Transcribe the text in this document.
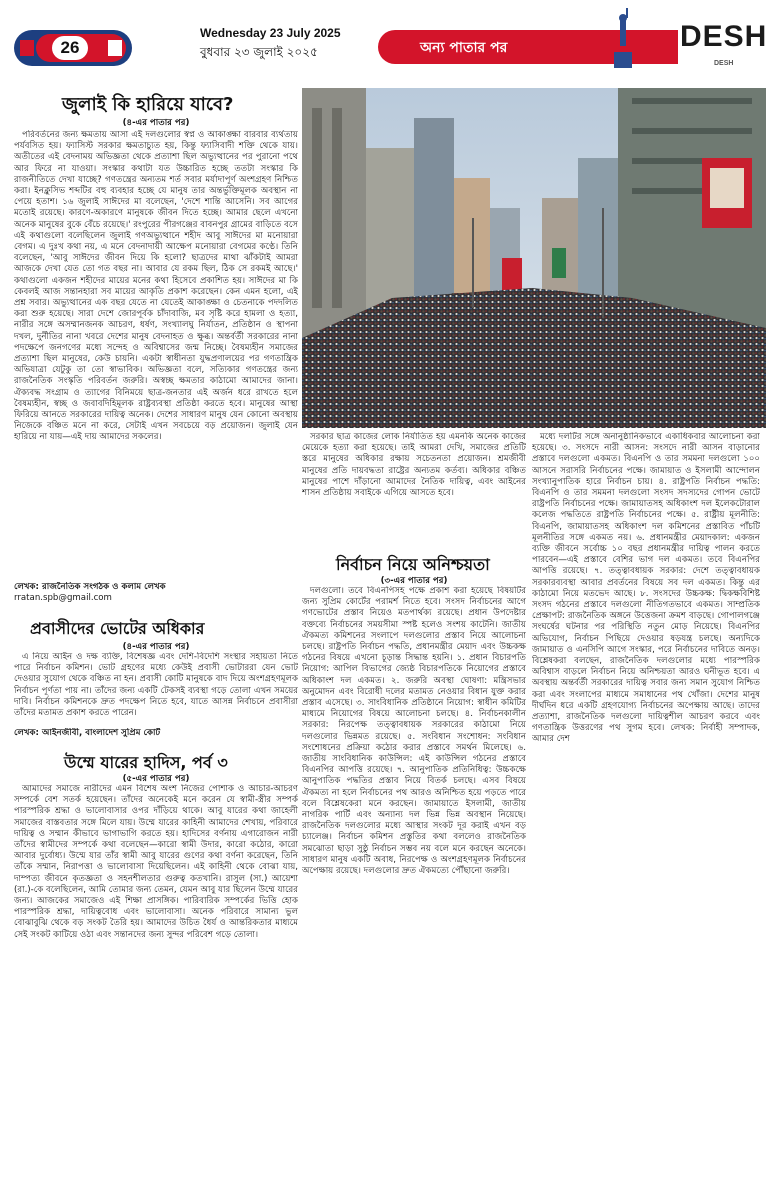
26
Wednesday 23 July 2025
বুধবার ২৩ জুলাই ২০২৫	অন্য পাতার পর	DESH
DESH
জুলাই কি হারিয়ে যাবে?
(৪-এর পাতার পর)

পরিবর্তনের জন্য ক্ষমতায় আসা এই দলগুলোর স্বপ্ন ও আকাঙ্ক্ষা বারবার ব্যর্থতায় পর্যবসিত হয়। ফ্যাসিস্ট সরকার ক্ষমতাচ্যুত হয়, কিন্তু ফ্যাসিবাদী শক্তি থেকে যায়। অতীতের এই বেদনাময় অভিজ্ঞতা থেকে প্রত্যাশা ছিল অভ্যুত্থানের পর পুরানো পথে আর ফিরে না যাওয়া। সংস্কার কথাটা যত উচ্চারিত হচ্ছে ততটা সংস্কার কি রাজনীতিতে দেখা যাচ্ছে? গণতন্ত্রের অন্যতম শর্ত সবার মর্যাদাপূর্ণ অংশগ্রহণ নিশ্চিত করা। ইনক্লুসিভ শব্দটির বহু ব্যবহার হচ্ছে যে মানুষ তার অন্তর্ভুক্তিমূলক অবস্থান না পেয়ে হতাশ। ১৬ জুলাই সাঈদের মা বলেছেন, 'দেশে শান্তি আসেনি। সব আগের মতোই রয়েছে। কারণে-অকারণে মানুষকে জীবন দিতে হচ্ছে। আমার ছেলে এখনো অনেক মানুষের বুকে বেঁচে রয়েছে।' রংপুরের পীরগঞ্জের বাবনপুর গ্রামের বাড়িতে বসে এই কথাগুলো বলেছিলেন জুলাই গণঅভ্যুত্থানে শহীদ আবু সাঈদের মা মনোয়ারা বেগম। এ দুঃখ কথা নয়, এ মনে বেদনাদায়ী আক্ষেপ মনোয়ারা বেগমের কণ্ঠে। তিনি বলেছেন, 'আবু সাঈদের জীবন দিয়ে কি হলো? ছাত্রদের মাথা ঝাঁকটাই আমরা আজকে দেখা যেত তো গত বছর না। আবার যে রকম ছিল, ঠিক সে রকমই আছে।' কথাগুলো একজন শহীদের মায়ের মনের কথা হিসেবে প্রকাশিত হয়। সাঈদের মা কি কেবলই আজ সন্তানহারা সব মায়ের আকৃতি প্রকাশ করেছেন। কেন এমন হলো, এই প্রশ্ন সবার। অভ্যুত্থানের এক বছর যেতে না যেতেই আকাঙ্ক্ষা ও চেতনাকে পদদলিত করা শুরু হয়েছে। সারা দেশে জোরপূর্বক চাঁদাবাজি, মব সৃষ্টি করে হামলা ও হত্যা, নারীর সঙ্গে অসম্মানজনক আচরণ, ধর্ষণ, সংখ্যালঘু নির্যাতন, প্রতিষ্ঠান ও স্থাপনা দখল, দুর্নীতির নানা খবরে দেশের মানুষ বেদনাহত ও ক্ষুব্ধ। অন্তর্বর্তী সরকারের নানা পদক্ষেপে জনগণের মধ্যে সন্দেহ ও অবিশ্বাসের জন্ম নিচ্ছে। বৈষম্যহীন সমাজের প্রত্যাশা ছিল মানুষের, কেউ চায়নি। একটা স্বাধীনতা যুদ্ধপ্রণালয়ের পর গণতান্ত্রিক অভিযাত্রা যেটুকু তা তো স্বাভাবিক। অভিজ্ঞতা বলে, সত্যিকার গণতন্ত্রের জন্য রাজনৈতিক সংস্কৃতি পরিবর্তন জরুরি। অস্বচ্ছ ক্ষমতার কাঠামো আমাদের জানা। ঐক্যবদ্ধ সংগ্রাম ও ত্যাগের বিনিময়ে ছাত্র-জনতার এই অর্জন ধরে রাখতে হলে বৈষম্যহীন, স্বচ্ছ ও জবাবদিহিমূলক রাষ্ট্রব্যবস্থা প্রতিষ্ঠা করতে হবে। মানুষের আস্থা ফিরিয়ে আনতে সরকারের দায়িত্ব অনেক। দেশের সাধারণ মানুষ যেন কোনো অবস্থায় নিজেকে বঞ্চিত মনে না করে, সেটাই এখন সবচেয়ে বড় প্রয়োজন। জুলাই যেন হারিয়ে না যায়—এই দায় আমাদের সকলের।

লেখক: রাজনৈতিক সংগঠক ও কলাম লেখক
rratan.spb@gmail.com
প্রবাসীদের ভোটের অধিকার
(৪-এর পাতার পর)

এ নিয়ে আইন ও দক্ষ ব্যক্তি, বিশেষজ্ঞ এবং দেশি-বিদেশি সংস্থার সহায়তা নিতে পারে নির্বাচন কমিশন। ভোট গ্রহণের মধ্যে কেউই প্রবাসী ভোটাররা যেন ভোট দেওয়ার সুযোগ থেকে বঞ্চিত না হন। প্রবাসী কোটি মানুষকে বাদ দিয়ে অংশগ্রহণমূলক নির্বাচন পূর্ণতা পায় না। তাঁদের জন্য একটি টেকসই ব্যবস্থা গড়ে তোলা এখন সময়ের দাবি। নির্বাচন কমিশনকে দ্রুত পদক্ষেপ নিতে হবে, যাতে আসন্ন নির্বাচনে প্রবাসীরা তাঁদের মতামত প্রকাশ করতে পারেন।

লেখক: আইনজীবী, বাংলাদেশ সুপ্রিম কোর্ট
উম্মে যারের হাদিস, পর্ব ৩
(৫-এর পাতার পর)

আমাদের সমাজে নারীদের এমন বিশেষ অংশ নিজের পোশাক ও আচার-আচরণ সম্পর্কে বেশ সতর্ক হয়েছেন। তাঁদের অনেকেই মনে করেন যে স্বামী-স্ত্রীর সম্পর্ক পারস্পরিক শ্রদ্ধা ও ভালোবাসার ওপর দাঁড়িয়ে থাকে। আবু যারের কথা জাহেলী সমাজের বাস্তবতার সঙ্গে মিলে যায়। উম্মে যারের কাহিনী আমাদের শেখায়, পরিবারে দায়িত্ব ও সম্মান কীভাবে ভাগাভাগি করতে হয়। হাদিসের বর্ণনায় এগারোজন নারী তাঁদের স্বামীদের সম্পর্কে কথা বলেছেন—কারো স্বামী উদার, কারো কঠোর, কারো আবার দুর্বোধ্য। উম্মে যার তাঁর স্বামী আবু যারের গুণের কথা বর্ণনা করেছেন, তিনি তাঁকে সম্মান, নিরাপত্তা ও ভালোবাসা দিয়েছিলেন। এই কাহিনী থেকে বোঝা যায়, দাম্পত্য জীবনে কৃতজ্ঞতা ও সহনশীলতার গুরুত্ব কতখানি। রাসুল (সা.) আয়েশা (রা.)-কে বলেছিলেন, আমি তোমার জন্য তেমন, যেমন আবু যার ছিলেন উম্মে যারের জন্য। আজকের সমাজেও এই শিক্ষা প্রাসঙ্গিক। পারিবারিক সম্পর্কের ভিত্তি হোক পারস্পরিক শ্রদ্ধা, দায়িত্ববোধ এবং ভালোবাসা। অনেক পরিবারে সামান্য ভুল বোঝাবুঝি থেকে বড় সংকট তৈরি হয়। আমাদের উচিত ধৈর্য ও আন্তরিকতার মাধ্যমে সেই সংকট কাটিয়ে ওঠা এবং সন্তানদের জন্য সুন্দর পরিবেশ গড়ে তোলা।

সরকার ছাত্র কাজের লোক নির্যাতিত হয় এমনকি অনেক কাজের মেয়েকে হত্যা করা হয়েছে। তাই আমরা দেখি, সমাজের প্রতিটি স্তরে মানুষের অধিকার রক্ষায় সচেতনতা প্রয়োজন। শ্রমজীবী মানুষের প্রতি দায়বদ্ধতা রাষ্ট্রের অন্যতম কর্তব্য। অধিকার বঞ্চিত মানুষের পাশে দাঁড়ানো আমাদের নৈতিক দায়িত্ব, এবং আইনের শাসন প্রতিষ্ঠায় সবাইকে এগিয়ে আসতে হবে।

নির্বাচন নিয়ে অনিশ্চয়তা
(৩-এর পাতার পর)

দলগুলো। তবে বিএনপিসহ পক্ষে প্রকাশ করা হয়েছে বিষয়টির জন্য সুপ্রিম কোর্টের পরামর্শ নিতে হবে। সংসদ নির্বাচনের আগে গণভোটের প্রস্তাব নিয়েও মতপার্থক্য রয়েছে। প্রধান উপদেষ্টার বক্তব্যে নির্বাচনের সময়সীমা স্পষ্ট হলেও সংশয় কাটেনি। জাতীয় ঐকমত্য কমিশনের সংলাপে দলগুলোর প্রস্তাব নিয়ে আলোচনা চলছে। রাষ্ট্রপতি নির্বাচন পদ্ধতি, প্রধানমন্ত্রীর মেয়াদ এবং উচ্চকক্ষ গঠনের বিষয়ে এখনো চূড়ান্ত সিদ্ধান্ত হয়নি। ১. প্রধান বিচারপতি নিয়োগ: আপিল বিভাগের জ্যেষ্ঠ বিচারপতিকে নিয়োগের প্রস্তাবে অধিকাংশ দল একমত। ২. জরুরি অবস্থা ঘোষণা: মন্ত্রিসভার অনুমোদন এবং বিরোধী দলের মতামত নেওয়ার বিধান যুক্ত করার প্রস্তাব এসেছে। ৩. সাংবিধানিক প্রতিষ্ঠানে নিয়োগ: স্বাধীন কমিটির মাধ্যমে নিয়োগের বিষয়ে আলোচনা চলছে। ৪. নির্বাচনকালীন সরকার: নিরপেক্ষ তত্ত্বাবধায়ক সরকারের কাঠামো নিয়ে দলগুলোর ভিন্নমত রয়েছে। ৫. সংবিধান সংশোধন: সংবিধান সংশোধনের প্রক্রিয়া কঠোর করার প্রস্তাবে সমর্থন মিলেছে। ৬. জাতীয় সাংবিধানিক কাউন্সিল: এই কাউন্সিল গঠনের প্রস্তাবে বিএনপির আপত্তি রয়েছে। ৭. আনুপাতিক প্রতিনিধিত্ব: উচ্চকক্ষে আনুপাতিক পদ্ধতির প্রস্তাব নিয়ে বিতর্ক চলছে। এসব বিষয়ে ঐকমত্য না হলে নির্বাচনের পথ আরও অনিশ্চিত হয়ে পড়তে পারে বলে বিশ্লেষকেরা মনে করছেন। জামায়াতে ইসলামী, জাতীয় নাগরিক পার্টি এবং অন্যান্য দল ভিন্ন ভিন্ন অবস্থান নিয়েছে। রাজনৈতিক দলগুলোর মধ্যে আস্থার সংকট দূর করাই এখন বড় চ্যালেঞ্জ। নির্বাচন কমিশন প্রস্তুতির কথা বললেও রাজনৈতিক সমঝোতা ছাড়া সুষ্ঠু নির্বাচন সম্ভব নয় বলে মনে করছেন অনেকে। সাধারণ মানুষ একটি অবাধ, নিরপেক্ষ ও অংশগ্রহণমূলক নির্বাচনের অপেক্ষায় রয়েছে। দলগুলোর দ্রুত ঐকমত্যে পৌঁছানো জরুরি।

মধ্যে দলটির সঙ্গে অনানুষ্ঠানিকভাবে একাধিকবার আলোচনা করা হয়েছে। ৩. সংসদে নারী আসন: সংসদে নারী আসন বাড়ানোর প্রস্তাবে দলগুলো একমত। বিএনপি ও তার সমমনা দলগুলো ১০০ আসনে সরাসরি নির্বাচনের পক্ষে। জামায়াত ও ইসলামী আন্দোলন সংখ্যানুপাতিক হারে নির্বাচন চায়। ৪. রাষ্ট্রপতি নির্বাচন পদ্ধতি: বিএনপি ও তার সমমনা দলগুলো সংসদ সদস্যদের গোপন ভোটে রাষ্ট্রপতি নির্বাচনের পক্ষে। জামায়াতসহ অধিকাংশ দল ইলেকটোরাল কলেজ পদ্ধতিতে রাষ্ট্রপতি নির্বাচনের পক্ষে। ৫. রাষ্ট্রীয় মূলনীতি: বিএনপি, জামায়াতসহ অধিকাংশ দল কমিশনের প্রস্তাবিত পাঁচটি মূলনীতির সঙ্গে একমত নয়। ৬. প্রধানমন্ত্রীর মেয়াদকাল: একজন ব্যক্তি জীবনে সর্বোচ্চ ১০ বছর প্রধানমন্ত্রীর দায়িত্ব পালন করতে পারবেন—এই প্রস্তাবে বেশির ভাগ দল একমত। তবে বিএনপির আপত্তি রয়েছে। ৭. তত্ত্বাবধায়ক সরকার: দেশে তত্ত্বাবধায়ক সরকারব্যবস্থা আবার প্রবর্তনের বিষয়ে সব দল একমত। কিন্তু এর কাঠামো নিয়ে মতভেদ আছে। ৮. সংসদের উচ্চকক্ষ: দ্বিকক্ষবিশিষ্ট সংসদ গঠনের প্রস্তাবে দলগুলো নীতিগতভাবে একমত। সাম্প্রতিক প্রেক্ষাপট: রাজনৈতিক অঙ্গনে উত্তেজনা ক্রমশ বাড়ছে। গোপালগঞ্জে সংঘর্ষের ঘটনার পর পরিস্থিতি নতুন মোড় নিয়েছে। বিএনপির অভিযোগ, নির্বাচন পিছিয়ে দেওয়ার ষড়যন্ত্র চলছে। অন্যদিকে জামায়াত ও এনসিপি আগে সংস্কার, পরে নির্বাচনের দাবিতে অনড়। বিশ্লেষকরা বলছেন, রাজনৈতিক দলগুলোর মধ্যে পারস্পরিক অবিশ্বাস বাড়লে নির্বাচন নিয়ে অনিশ্চয়তা আরও ঘনীভূত হবে। এ অবস্থায় অন্তর্বর্তী সরকারের দায়িত্ব সবার জন্য সমান সুযোগ নিশ্চিত করা এবং সংলাপের মাধ্যমে সমাধানের পথ খোঁজা। দেশের মানুষ দীর্ঘদিন ধরে একটি গ্রহণযোগ্য নির্বাচনের অপেক্ষায় আছে। তাদের প্রত্যাশা, রাজনৈতিক দলগুলো দায়িত্বশীল আচরণ করবে এবং গণতান্ত্রিক উত্তরণের পথ সুগম হবে। লেখক: নির্বাহী সম্পাদক, আমার দেশ
